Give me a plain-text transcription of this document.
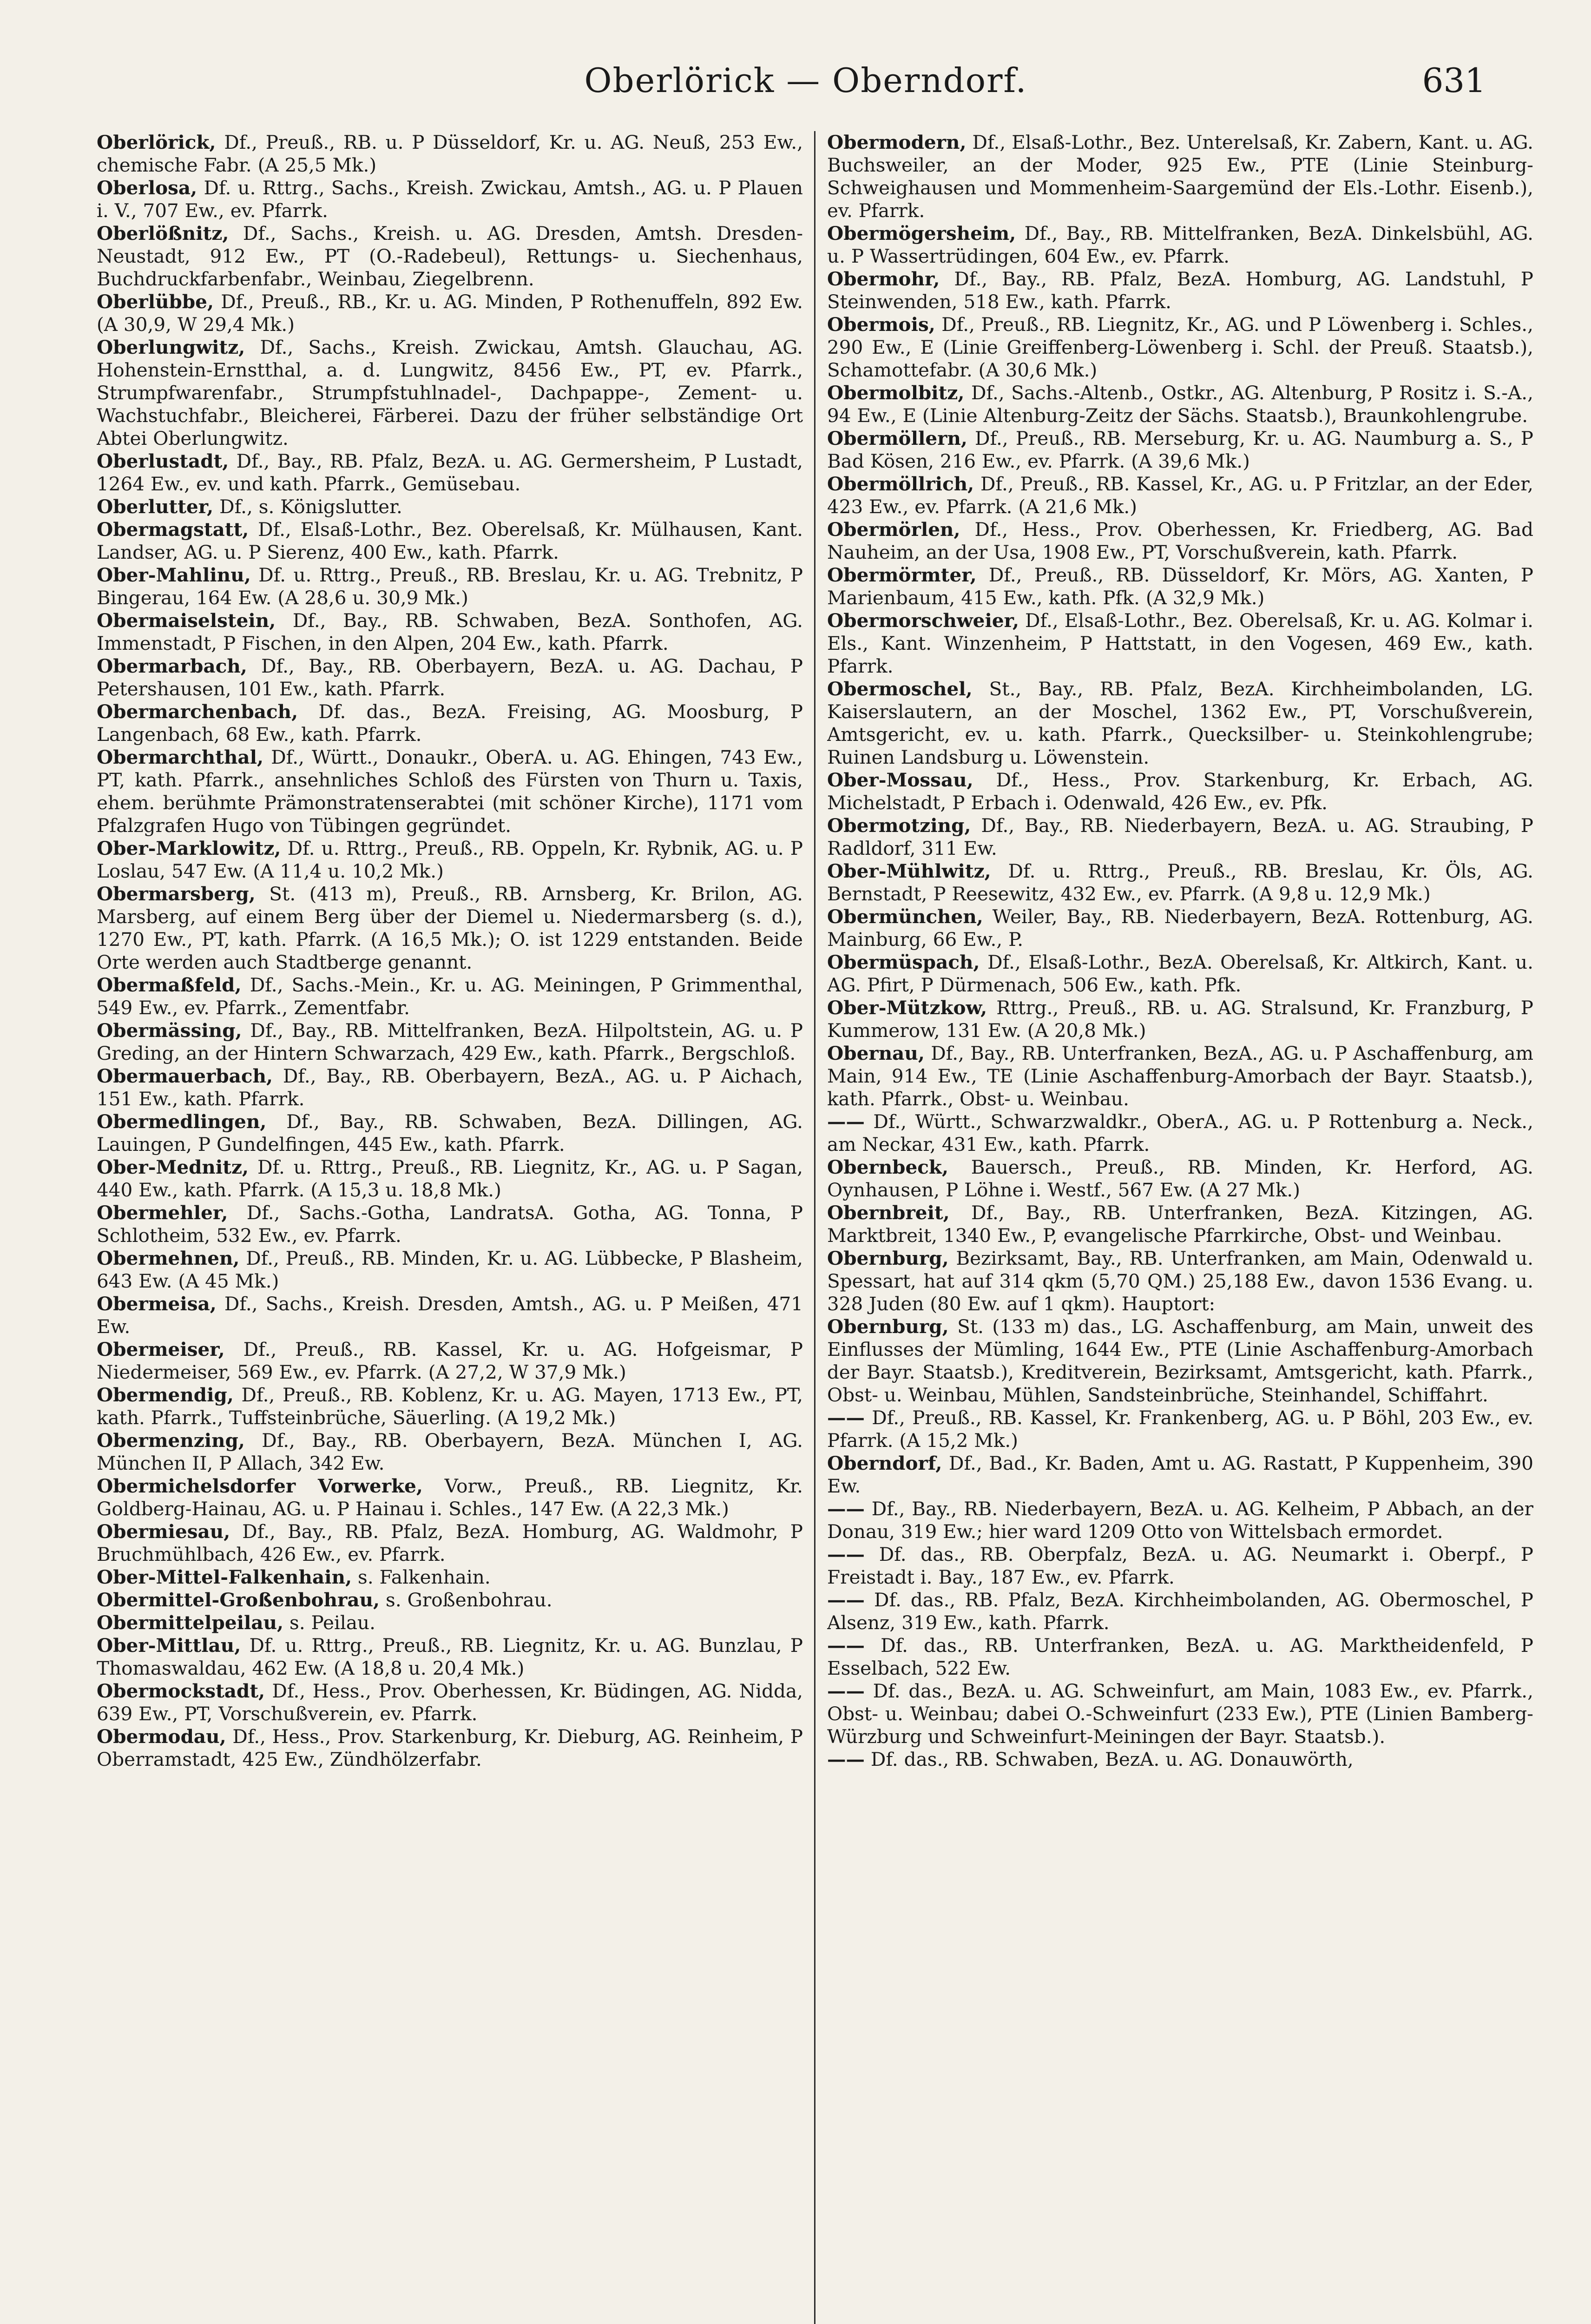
Oberlörick — Oberndorf.	631

Oberlörick, Df., Preuß., RB. u. P Düsseldorf, Kr. u. AG. Neuß, 253 Ew., chemische Fabr. (A 25,5 Mk.)

Oberlosa, Df. u. Rttrg., Sachs., Kreish. Zwickau, Amtsh., AG. u. P Plauen i. V., 707 Ew., ev. Pfarrk.

Oberlößnitz, Df., Sachs., Kreish. u. AG. Dresden, Amtsh. Dresden-Neustadt, 912 Ew., PT (O.-Radebeul), Rettungs- u. Siechenhaus, Buchdruckfarbenfabr., Weinbau, Ziegelbrenn.

Oberlübbe, Df., Preuß., RB., Kr. u. AG. Minden, P Rothenuffeln, 892 Ew. (A 30,9, W 29,4 Mk.)

Oberlungwitz, Df., Sachs., Kreish. Zwickau, Amtsh. Glauchau, AG. Hohenstein-Ernstthal, a. d. Lungwitz, 8456 Ew., PT, ev. Pfarrk., Strumpfwarenfabr., Strumpfstuhlnadel-, Dachpappe-, Zement- u. Wachstuchfabr., Bleicherei, Färberei. Dazu der früher selbständige Ort Abtei Oberlungwitz.

Oberlustadt, Df., Bay., RB. Pfalz, BezA. u. AG. Germersheim, P Lustadt, 1264 Ew., ev. und kath. Pfarrk., Gemüsebau.

Oberlutter, Df., s. Königslutter.

Obermagstatt, Df., Elsaß-Lothr., Bez. Oberelsaß, Kr. Mülhausen, Kant. Landser, AG. u. P Sierenz, 400 Ew., kath. Pfarrk.

Ober-Mahlinu, Df. u. Rttrg., Preuß., RB. Breslau, Kr. u. AG. Trebnitz, P Bingerau, 164 Ew. (A 28,6 u. 30,9 Mk.)

Obermaiselstein, Df., Bay., RB. Schwaben, BezA. Sonthofen, AG. Immenstadt, P Fischen, in den Alpen, 204 Ew., kath. Pfarrk.

Obermarbach, Df., Bay., RB. Oberbayern, BezA. u. AG. Dachau, P Petershausen, 101 Ew., kath. Pfarrk.

Obermarchenbach, Df. das., BezA. Freising, AG. Moosburg, P Langenbach, 68 Ew., kath. Pfarrk.

Obermarchthal, Df., Württ., Donaukr., OberA. u. AG. Ehingen, 743 Ew., PT, kath. Pfarrk., ansehnliches Schloß des Fürsten von Thurn u. Taxis, ehem. berühmte Prämonstratenserabtei (mit schöner Kirche), 1171 vom Pfalzgrafen Hugo von Tübingen gegründet.

Ober-Marklowitz, Df. u. Rttrg., Preuß., RB. Oppeln, Kr. Rybnik, AG. u. P Loslau, 547 Ew. (A 11,4 u. 10,2 Mk.)

Obermarsberg, St. (413 m), Preuß., RB. Arnsberg, Kr. Brilon, AG. Marsberg, auf einem Berg über der Diemel u. Niedermarsberg (s. d.), 1270 Ew., PT, kath. Pfarrk. (A 16,5 Mk.); O. ist 1229 entstanden. Beide Orte werden auch Stadtberge genannt.

Obermaßfeld, Df., Sachs.-Mein., Kr. u. AG. Meiningen, P Grimmenthal, 549 Ew., ev. Pfarrk., Zementfabr.

Obermässing, Df., Bay., RB. Mittelfranken, BezA. Hilpoltstein, AG. u. P Greding, an der Hintern Schwarzach, 429 Ew., kath. Pfarrk., Bergschloß.

Obermauerbach, Df., Bay., RB. Oberbayern, BezA., AG. u. P Aichach, 151 Ew., kath. Pfarrk.

Obermedlingen, Df., Bay., RB. Schwaben, BezA. Dillingen, AG. Lauingen, P Gundelfingen, 445 Ew., kath. Pfarrk.

Ober-Mednitz, Df. u. Rttrg., Preuß., RB. Liegnitz, Kr., AG. u. P Sagan, 440 Ew., kath. Pfarrk. (A 15,3 u. 18,8 Mk.)

Obermehler, Df., Sachs.-Gotha, LandratsA. Gotha, AG. Tonna, P Schlotheim, 532 Ew., ev. Pfarrk.

Obermehnen, Df., Preuß., RB. Minden, Kr. u. AG. Lübbecke, P Blasheim, 643 Ew. (A 45 Mk.)

Obermeisa, Df., Sachs., Kreish. Dresden, Amtsh., AG. u. P Meißen, 471 Ew.

Obermeiser, Df., Preuß., RB. Kassel, Kr. u. AG. Hofgeismar, P Niedermeiser, 569 Ew., ev. Pfarrk. (A 27,2, W 37,9 Mk.)

Obermendig, Df., Preuß., RB. Koblenz, Kr. u. AG. Mayen, 1713 Ew., PT, kath. Pfarrk., Tuffsteinbrüche, Säuerling. (A 19,2 Mk.)

Obermenzing, Df., Bay., RB. Oberbayern, BezA. München I, AG. München II, P Allach, 342 Ew.

Obermichelsdorfer Vorwerke, Vorw., Preuß., RB. Liegnitz, Kr. Goldberg-Hainau, AG. u. P Hainau i. Schles., 147 Ew. (A 22,3 Mk.)

Obermiesau, Df., Bay., RB. Pfalz, BezA. Homburg, AG. Waldmohr, P Bruchmühlbach, 426 Ew., ev. Pfarrk.

Ober-Mittel-Falkenhain, s. Falkenhain.

Obermittel-Großenbohrau, s. Großenbohrau.

Obermittelpeilau, s. Peilau.

Ober-Mittlau, Df. u. Rttrg., Preuß., RB. Liegnitz, Kr. u. AG. Bunzlau, P Thomaswaldau, 462 Ew. (A 18,8 u. 20,4 Mk.)

Obermockstadt, Df., Hess., Prov. Oberhessen, Kr. Büdingen, AG. Nidda, 639 Ew., PT, Vorschußverein, ev. Pfarrk.

Obermodau, Df., Hess., Prov. Starkenburg, Kr. Dieburg, AG. Reinheim, P Oberramstadt, 425 Ew., Zündhölzerfabr.

Obermodern, Df., Elsaß-Lothr., Bez. Unterelsaß, Kr. Zabern, Kant. u. AG. Buchsweiler, an der Moder, 925 Ew., PTE (Linie Steinburg-Schweighausen und Mommenheim-Saargemünd der Els.-Lothr. Eisenb.), ev. Pfarrk.

Obermögersheim, Df., Bay., RB. Mittelfranken, BezA. Dinkelsbühl, AG. u. P Wassertrüdingen, 604 Ew., ev. Pfarrk.

Obermohr, Df., Bay., RB. Pfalz, BezA. Homburg, AG. Landstuhl, P Steinwenden, 518 Ew., kath. Pfarrk.

Obermois, Df., Preuß., RB. Liegnitz, Kr., AG. und P Löwenberg i. Schles., 290 Ew., E (Linie Greiffenberg-Löwenberg i. Schl. der Preuß. Staatsb.), Schamottefabr. (A 30,6 Mk.)

Obermolbitz, Df., Sachs.-Altenb., Ostkr., AG. Altenburg, P Rositz i. S.-A., 94 Ew., E (Linie Altenburg-Zeitz der Sächs. Staatsb.), Braunkohlengrube.

Obermöllern, Df., Preuß., RB. Merseburg, Kr. u. AG. Naumburg a. S., P Bad Kösen, 216 Ew., ev. Pfarrk. (A 39,6 Mk.)

Obermöllrich, Df., Preuß., RB. Kassel, Kr., AG. u. P Fritzlar, an der Eder, 423 Ew., ev. Pfarrk. (A 21,6 Mk.)

Obermörlen, Df., Hess., Prov. Oberhessen, Kr. Friedberg, AG. Bad Nauheim, an der Usa, 1908 Ew., PT, Vorschußverein, kath. Pfarrk.

Obermörmter, Df., Preuß., RB. Düsseldorf, Kr. Mörs, AG. Xanten, P Marienbaum, 415 Ew., kath. Pfk. (A 32,9 Mk.)

Obermorschweier, Df., Elsaß-Lothr., Bez. Oberelsaß, Kr. u. AG. Kolmar i. Els., Kant. Winzenheim, P Hattstatt, in den Vogesen, 469 Ew., kath. Pfarrk.

Obermoschel, St., Bay., RB. Pfalz, BezA. Kirchheimbolanden, LG. Kaiserslautern, an der Moschel, 1362 Ew., PT, Vorschußverein, Amtsgericht, ev. u. kath. Pfarrk., Quecksilber- u. Steinkohlengrube; Ruinen Landsburg u. Löwenstein.

Ober-Mossau, Df., Hess., Prov. Starkenburg, Kr. Erbach, AG. Michelstadt, P Erbach i. Odenwald, 426 Ew., ev. Pfk.

Obermotzing, Df., Bay., RB. Niederbayern, BezA. u. AG. Straubing, P Radldorf, 311 Ew.

Ober-Mühlwitz, Df. u. Rttrg., Preuß., RB. Breslau, Kr. Öls, AG. Bernstadt, P Reesewitz, 432 Ew., ev. Pfarrk. (A 9,8 u. 12,9 Mk.)

Obermünchen, Weiler, Bay., RB. Niederbayern, BezA. Rottenburg, AG. Mainburg, 66 Ew., P.

Obermüspach, Df., Elsaß-Lothr., BezA. Oberelsaß, Kr. Altkirch, Kant. u. AG. Pfirt, P Dürmenach, 506 Ew., kath. Pfk.

Ober-Mützkow, Rttrg., Preuß., RB. u. AG. Stralsund, Kr. Franzburg, P Kummerow, 131 Ew. (A 20,8 Mk.)

Obernau, Df., Bay., RB. Unterfranken, BezA., AG. u. P Aschaffenburg, am Main, 914 Ew., TE (Linie Aschaffenburg-Amorbach der Bayr. Staatsb.), kath. Pfarrk., Obst- u. Weinbau.

—— Df., Württ., Schwarzwaldkr., OberA., AG. u. P Rottenburg a. Neck., am Neckar, 431 Ew., kath. Pfarrk.

Obernbeck, Bauersch., Preuß., RB. Minden, Kr. Herford, AG. Oynhausen, P Löhne i. Westf., 567 Ew. (A 27 Mk.)

Obernbreit, Df., Bay., RB. Unterfranken, BezA. Kitzingen, AG. Marktbreit, 1340 Ew., P, evangelische Pfarrkirche, Obst- und Weinbau.

Obernburg, Bezirksamt, Bay., RB. Unterfranken, am Main, Odenwald u. Spessart, hat auf 314 qkm (5,70 QM.) 25,188 Ew., davon 1536 Evang. u. 328 Juden (80 Ew. auf 1 qkm). Hauptort:

Obernburg, St. (133 m) das., LG. Aschaffenburg, am Main, unweit des Einflusses der Mümling, 1644 Ew., PTE (Linie Aschaffenburg-Amorbach der Bayr. Staatsb.), Kreditverein, Bezirksamt, Amtsgericht, kath. Pfarrk., Obst- u. Weinbau, Mühlen, Sandsteinbrüche, Steinhandel, Schiffahrt.

—— Df., Preuß., RB. Kassel, Kr. Frankenberg, AG. u. P Böhl, 203 Ew., ev. Pfarrk. (A 15,2 Mk.)

Oberndorf, Df., Bad., Kr. Baden, Amt u. AG. Rastatt, P Kuppenheim, 390 Ew.

—— Df., Bay., RB. Niederbayern, BezA. u. AG. Kelheim, P Abbach, an der Donau, 319 Ew.; hier ward 1209 Otto von Wittelsbach ermordet.

—— Df. das., RB. Oberpfalz, BezA. u. AG. Neumarkt i. Oberpf., P Freistadt i. Bay., 187 Ew., ev. Pfarrk.

—— Df. das., RB. Pfalz, BezA. Kirchheimbolanden, AG. Obermoschel, P Alsenz, 319 Ew., kath. Pfarrk.

—— Df. das., RB. Unterfranken, BezA. u. AG. Marktheidenfeld, P Esselbach, 522 Ew.

—— Df. das., BezA. u. AG. Schweinfurt, am Main, 1083 Ew., ev. Pfarrk., Obst- u. Weinbau; dabei O.-Schweinfurt (233 Ew.), PTE (Linien Bamberg-Würzburg und Schweinfurt-Meiningen der Bayr. Staatsb.).

—— Df. das., RB. Schwaben, BezA. u. AG. Donauwörth,
